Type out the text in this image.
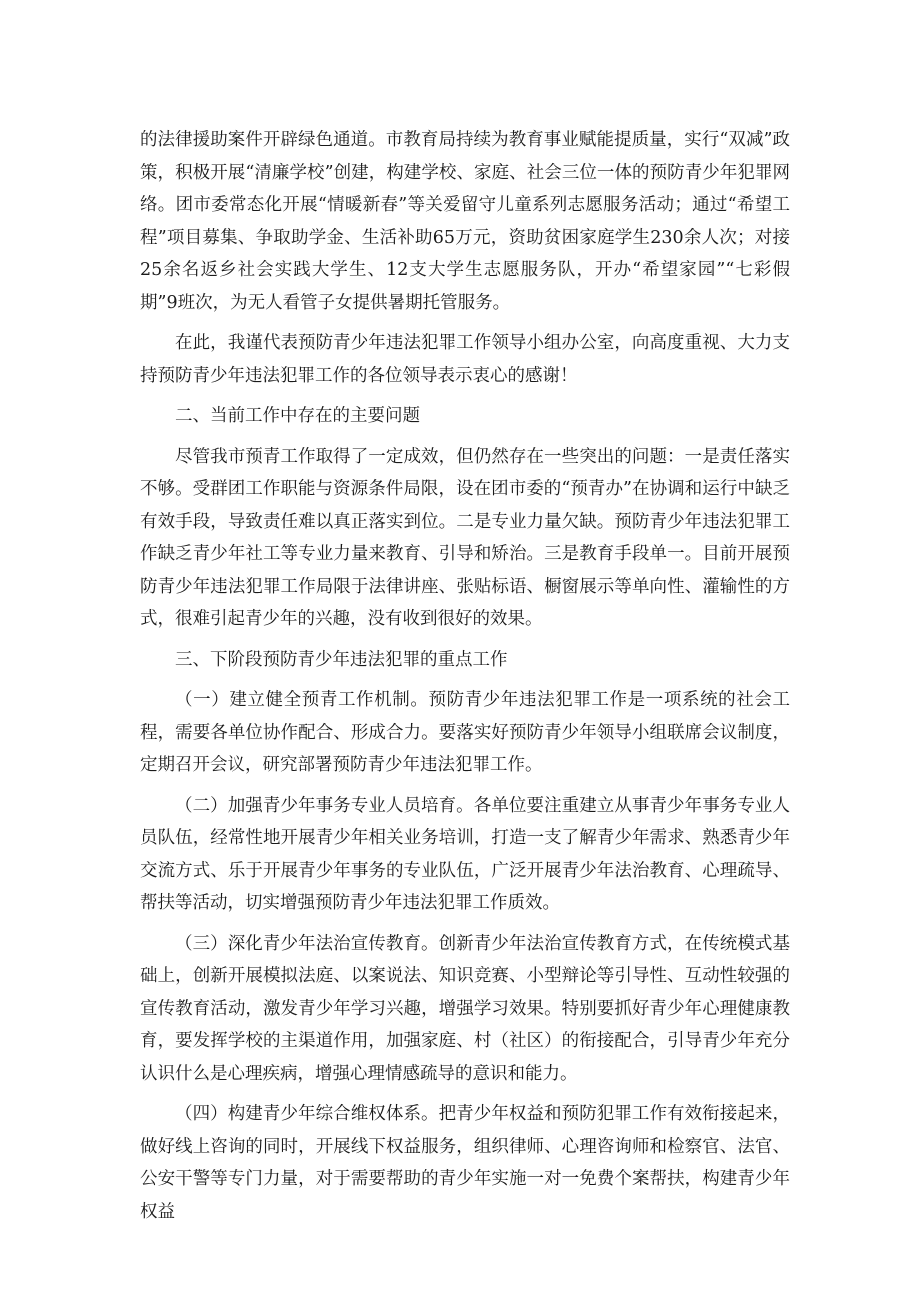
的法律援助案件开辟绿色通道。市教育局持续为教育事业赋能提质量，实行“双减”政策，积极开展“清廉学校”创建，构建学校、家庭、社会三位一体的预防青少年犯罪网络。团市委常态化开展“情暖新春”等关爱留守儿童系列志愿服务活动；通过“希望工程”项目募集、争取助学金、生活补助65万元，资助贫困家庭学生230余人次；对接25余名返乡社会实践大学生、12支大学生志愿服务队，开办“希望家园”“七彩假期”9班次，为无人看管子女提供暑期托管服务。

在此，我谨代表预防青少年违法犯罪工作领导小组办公室，向高度重视、大力支持预防青少年违法犯罪工作的各位领导表示衷心的感谢！

二、当前工作中存在的主要问题

尽管我市预青工作取得了一定成效，但仍然存在一些突出的问题：一是责任落实不够。受群团工作职能与资源条件局限，设在团市委的“预青办”在协调和运行中缺乏有效手段，导致责任难以真正落实到位。二是专业力量欠缺。预防青少年违法犯罪工作缺乏青少年社工等专业力量来教育、引导和矫治。三是教育手段单一。目前开展预防青少年违法犯罪工作局限于法律讲座、张贴标语、橱窗展示等单向性、灌输性的方式，很难引起青少年的兴趣，没有收到很好的效果。

三、下阶段预防青少年违法犯罪的重点工作

（一）建立健全预青工作机制。预防青少年违法犯罪工作是一项系统的社会工程，需要各单位协作配合、形成合力。要落实好预防青少年领导小组联席会议制度，定期召开会议，研究部署预防青少年违法犯罪工作。

（二）加强青少年事务专业人员培育。各单位要注重建立从事青少年事务专业人员队伍，经常性地开展青少年相关业务培训，打造一支了解青少年需求、熟悉青少年交流方式、乐于开展青少年事务的专业队伍，广泛开展青少年法治教育、心理疏导、帮扶等活动，切实增强预防青少年违法犯罪工作质效。

（三）深化青少年法治宣传教育。创新青少年法治宣传教育方式，在传统模式基础上，创新开展模拟法庭、以案说法、知识竞赛、小型辩论等引导性、互动性较强的宣传教育活动，激发青少年学习兴趣，增强学习效果。特别要抓好青少年心理健康教育，要发挥学校的主渠道作用，加强家庭、村（社区）的衔接配合，引导青少年充分认识什么是心理疾病，增强心理情感疏导的意识和能力。

（四）构建青少年综合维权体系。把青少年权益和预防犯罪工作有效衔接起来，做好线上咨询的同时，开展线下权益服务，组织律师、心理咨询师和检察官、法官、公安干警等专门力量，对于需要帮助的青少年实施一对一免费个案帮扶，构建青少年权益
